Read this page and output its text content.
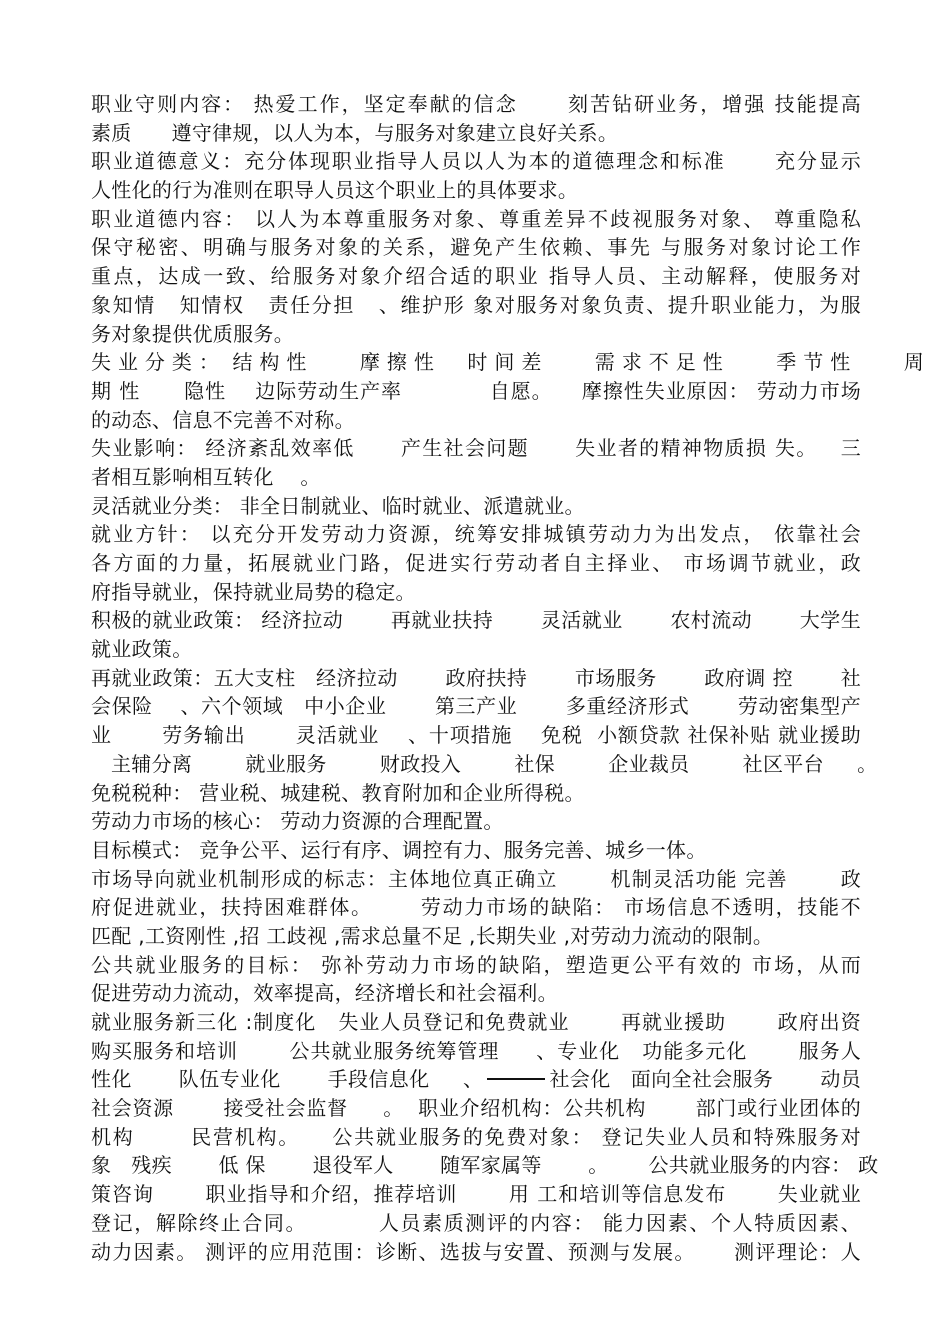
职业守则内容： 热爱工作，坚定奉献的信念      刻苦钻研业务，增强 技能提高
素质      遵守律规，以人为本，与服务对象建立良好关系。
职业道德意义：充分体现职业指导人员以人为本的道德理念和标准      充分显示
人性化的行为准则在职导人员这个职业上的具体要求。
职业道德内容： 以人为本尊重服务对象、尊重差异不歧视服务对象、 尊重隐私
保守秘密、明确与服务对象的关系，避免产生依赖、事先 与服务对象讨论工作
重点，达成一致、给服务对象介绍合适的职业 指导人员、主动解释，使服务对
象知情   知情权   责任分担   、维护形 象对服务对象负责、提升职业能力，为服
务对象提供优质服务。
失 业 分 类 ：  结 构 性        摩 擦 性     时 间 差        需 求 不 足 性        季 节 性        周
期 性      隐性    边际劳动生产率            自愿。    摩擦性失业原因： 劳动力市场
的动态、信息不完善不对称。
失业影响： 经济紊乱效率低      产生社会问题      失业者的精神物质损 失。   三
者相互影响相互转化    。
灵活就业分类： 非全日制就业、临时就业、派遣就业。
就业方针： 以充分开发劳动力资源，统筹安排城镇劳动力为出发点， 依靠社会
各方面的力量，拓展就业门路，促进实行劳动者自主择业、 市场调节就业，政
府指导就业，保持就业局势的稳定。
积极的就业政策： 经济拉动       再就业扶持       灵活就业       农村流动       大学生
就业政策。
再就业政策：五大支柱   经济拉动       政府扶持       市场服务       政府调 控       社
会保险    、六个领域   中小企业       第三产业       多重经济形式       劳动密集型产
业       劳务输出       灵活就业    、十项措施    免税  小额贷款 社保补贴 就业援助
主辅分离        就业服务        财政投入        社保        企业裁员        社区平台     。
免税税种： 营业税、城建税、教育附加和企业所得税。
劳动力市场的核心： 劳动力资源的合理配置。
目标模式： 竞争公平、运行有序、调控有力、服务完善、城乡一体。
市场导向就业机制形成的标志：主体地位真正确立       机制灵活功能 完善       政
府促进就业，扶持困难群体。      劳动力市场的缺陷： 市场信息不透明，技能不
匹配 ,工资刚性 ,招 工歧视 ,需求总量不足 ,长期失业 ,对劳动力流动的限制。
公共就业服务的目标： 弥补劳动力市场的缺陷，塑造更公平有效的 市场，从而
促进劳动力流动，效率提高，经济增长和社会福利。
就业服务新三化 :制度化   失业人员登记和免费就业       再就业援助       政府出资
购买服务和培训       公共就业服务统筹管理     、专业化   功能多元化       服务人
性化       队伍专业化       手段信息化     、	社会化   面向全社会服务       动员
社会资源       接受社会监督     。  职业介绍机构：公共机构       部门或行业团体的
机构       民营机构。    公共就业服务的免费对象： 登记失业人员和特殊服务对
象   残疾       低 保       退役军人       随军家属等       。      公共就业服务的内容： 政
策咨询       职业指导和介绍，推荐培训       用 工和培训等信息发布       失业就业
登记，解除终止合同。         人员素质测评的内容： 能力因素、个人特质因素、
动力因素。 测评的应用范围：诊断、选拔与安置、预测与发展。     测评理论：人
